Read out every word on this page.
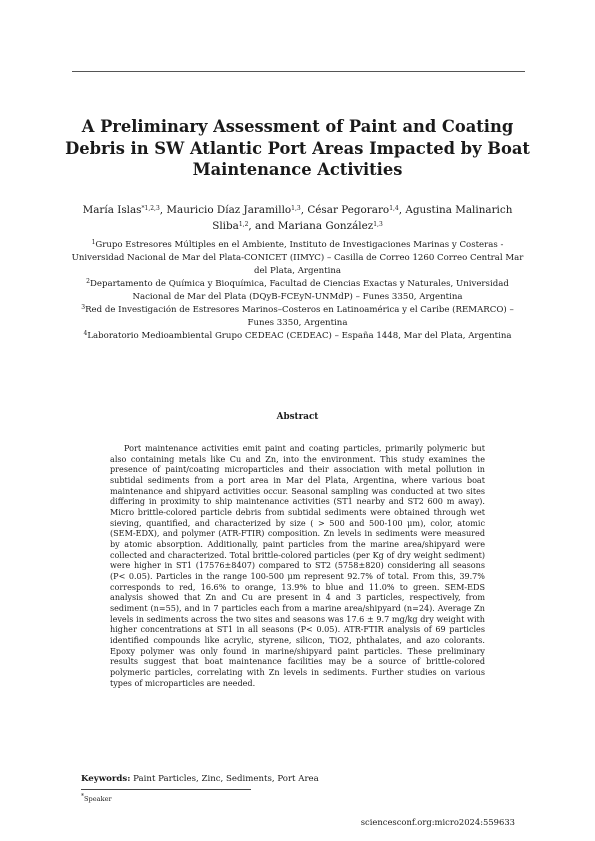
A Preliminary Assessment of Paint and Coating Debris in SW Atlantic Port Areas Impacted by Boat Maintenance Activities
María Islas$^{*1,2,3}$, Mauricio Díaz Jaramillo$^{1,3}$, César Pegoraro$^{1,4}$, Agustina Malinarich Sliba$^{1,2}$, and Mariana González$^{1,3}$

$^1$Grupo Estresores Múltiples en el Ambiente, Instituto de Investigaciones Marinas y Costeras - Universidad Nacional de Mar del Plata-CONICET (IIMYC) – Casilla de Correo 1260 Correo Central Mar del Plata, Argentina

$^2$Departamento de Química y Bioquímica, Facultad de Ciencias Exactas y Naturales, Universidad Nacional de Mar del Plata (DQyB-FCEyN-UNMdP) – Funes 3350, Argentina

$^3$Red de Investigación de Estresores Marinos–Costeros en Latinoamérica y el Caribe (REMARCO) – Funes 3350, Argentina

$^4$Laboratorio Medioambiental Grupo CEDEAC (CEDEAC) – España 1448, Mar del Plata, Argentina

Abstract

Port maintenance activities emit paint and coating particles, primarily polymeric but also containing metals like Cu and Zn, into the environment. This study examines the presence of paint/coating microparticles and their association with metal pollution in subtidal sediments from a port area in Mar del Plata, Argentina, where various boat maintenance and shipyard activities occur. Seasonal sampling was conducted at two sites differing in proximity to ship maintenance activities (ST1 nearby and ST2 600 m away). Micro brittle-colored particle debris from subtidal sediments were obtained through wet sieving, quantified, and characterized by size ( > 500 and 500-100 μm), color, atomic (SEM-EDX), and polymer (ATR-FTIR) composition. Zn levels in sediments were measured by atomic absorption. Additionally, paint particles from the marine area/shipyard were collected and characterized. Total brittle-colored particles (per Kg of dry weight sediment) were higher in ST1 (17576±8407) compared to ST2 (5758±820) considering all seasons (P< 0.05). Particles in the range 100-500 μm represent 92.7% of total. From this, 39.7% corresponds to red, 16.6% to orange, 13.9% to blue and 11.0% to green. SEM-EDS analysis showed that Zn and Cu are present in 4 and 3 particles, respectively, from sediment (n=55), and in 7 particles each from a marine area/shipyard (n=24). Average Zn levels in sediments across the two sites and seasons was 17.6 ± 9.7 mg/kg dry weight with higher concentrations at ST1 in all seasons (P< 0.05). ATR-FTIR analysis of 69 particles identified compounds like acrylic, styrene, silicon, TiO2, phthalates, and azo colorants. Epoxy polymer was only found in marine/shipyard paint particles. These preliminary results suggest that boat maintenance facilities may be a source of brittle-colored polymeric particles, correlating with Zn levels in sediments. Further studies on various types of microparticles are needed.

Keywords: Paint Particles, Zinc, Sediments, Port Area
*Speaker
sciencesconf.org:micro2024:559633
